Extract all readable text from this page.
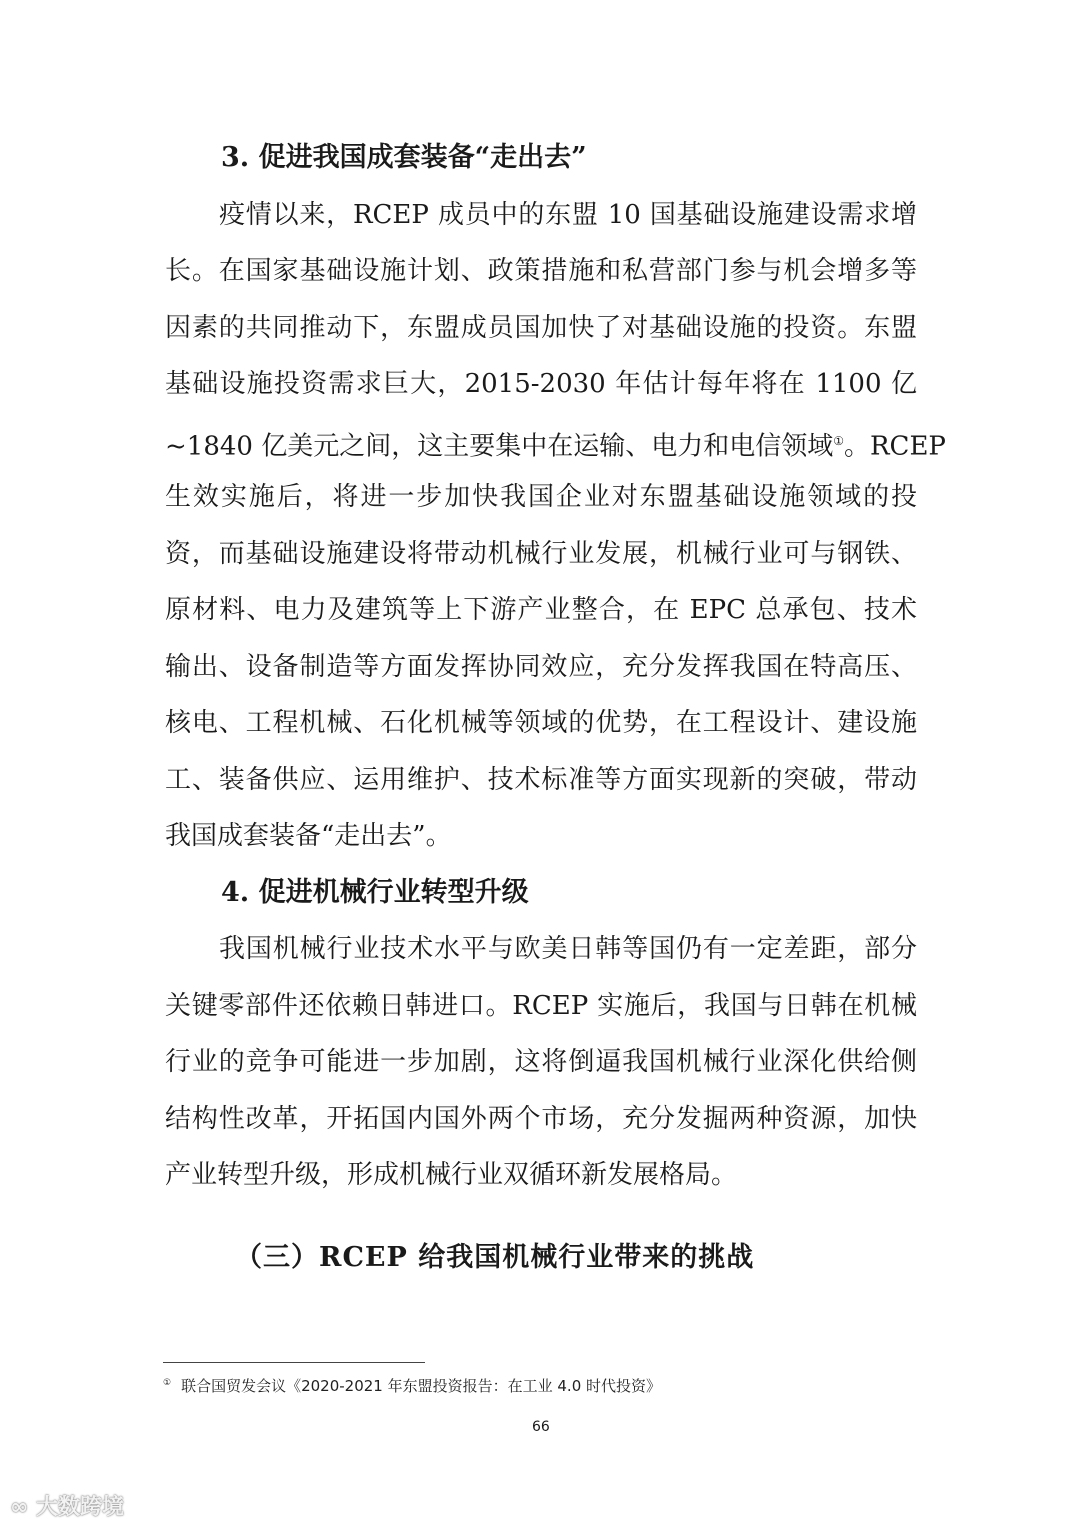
3. 促进我国成套装备“走出去”
疫情以来，RCEP 成员中的东盟 10 国基础设施建设需求增
长。在国家基础设施计划、政策措施和私营部门参与机会增多等
因素的共同推动下，东盟成员国加快了对基础设施的投资。东盟
基础设施投资需求巨大，2015-2030 年估计每年将在 1100 亿
~1840 亿美元之间，这主要集中在运输、电力和电信领域①。RCEP
生效实施后，将进一步加快我国企业对东盟基础设施领域的投
资，而基础设施建设将带动机械行业发展，机械行业可与钢铁、
原材料、电力及建筑等上下游产业整合，在 EPC 总承包、技术
输出、设备制造等方面发挥协同效应，充分发挥我国在特高压、
核电、工程机械、石化机械等领域的优势，在工程设计、建设施
工、装备供应、运用维护、技术标准等方面实现新的突破，带动
我国成套装备“走出去”。
4. 促进机械行业转型升级
我国机械行业技术水平与欧美日韩等国仍有一定差距，部分
关键零部件还依赖日韩进口。RCEP 实施后，我国与日韩在机械
行业的竞争可能进一步加剧，这将倒逼我国机械行业深化供给侧
结构性改革，开拓国内国外两个市场，充分发掘两种资源，加快
产业转型升级，形成机械行业双循环新发展格局。
（三）RCEP 给我国机械行业带来的挑战
① 联合国贸发会议《2020-2021 年东盟投资报告：在工业 4.0 时代投资》
66
∞ 大数跨境
